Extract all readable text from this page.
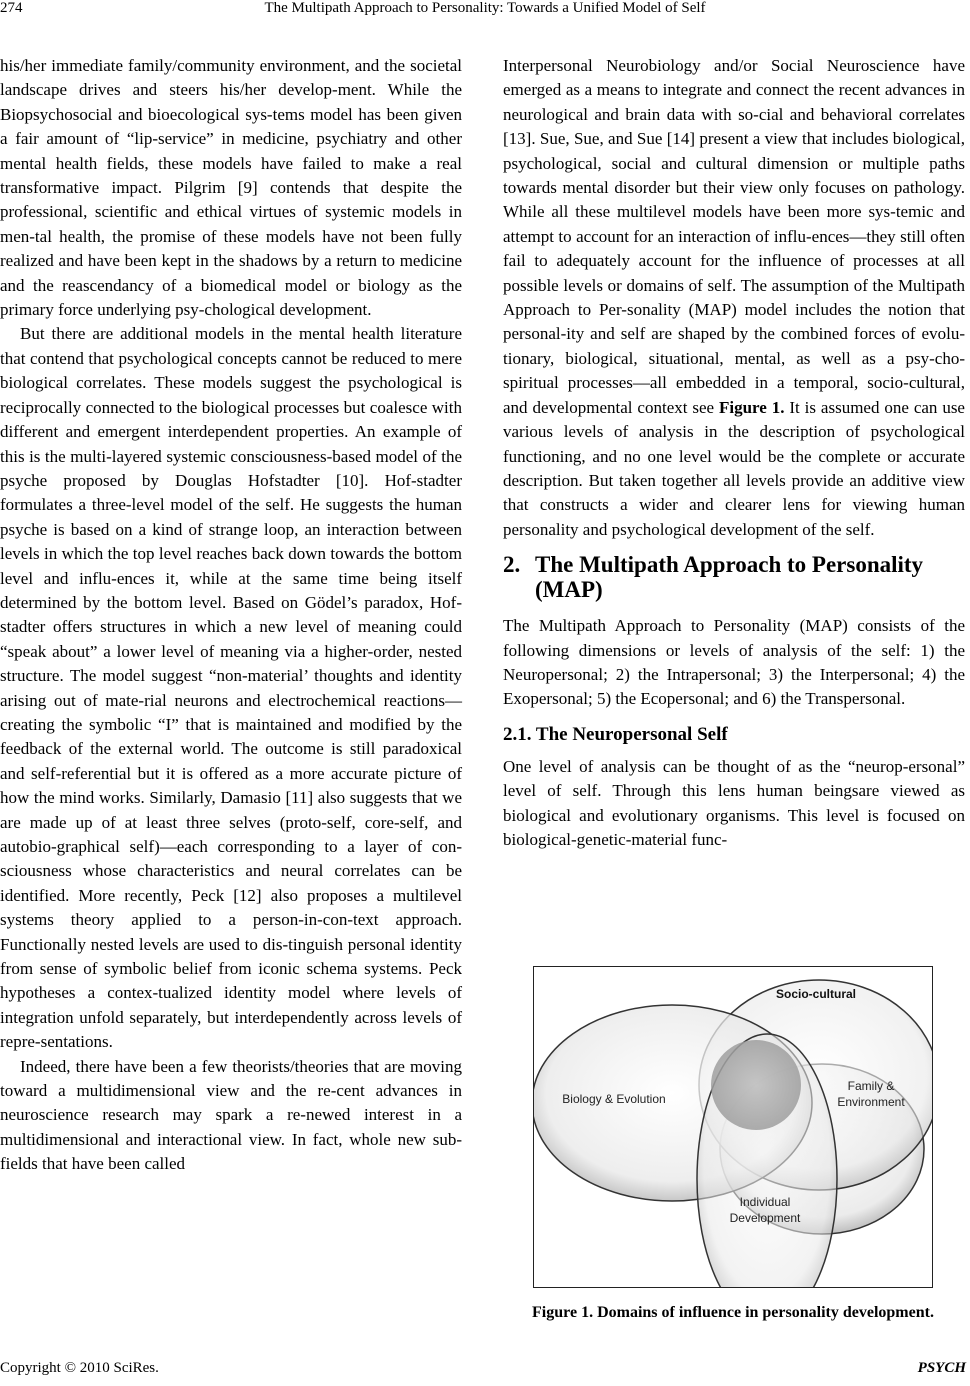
274	The Multipath Approach to Personality: Towards a Unified Model of Self

his/her immediate family/community environment, and the societal landscape drives and steers his/her develop-ment. While the Biopsychosocial and bioecological sys-tems model has been given a fair amount of “lip-service” in medicine, psychiatry and other mental health fields, these models have failed to make a real transformative impact. Pilgrim [9] contends that despite the professional, scientific and ethical virtues of systemic models in men-tal health, the promise of these models have not been fully realized and have been kept in the shadows by a return to medicine and the reascendancy of a biomedical model or biology as the primary force underlying psy-chological development.

But there are additional models in the mental health literature that contend that psychological concepts cannot be reduced to mere biological correlates. These models suggest the psychological is reciprocally connected to the biological processes but coalesce with different and emergent interdependent properties. An example of this is the multi-layered systemic consciousness-based model of the psyche proposed by Douglas Hofstadter [10]. Hof-stadter formulates a three-level model of the self. He suggests the human psyche is based on a kind of strange loop, an interaction between levels in which the top level reaches back down towards the bottom level and influ-ences it, while at the same time being itself determined by the bottom level. Based on Gödel’s paradox, Hof-stadter offers structures in which a new level of meaning could “speak about” a lower level of meaning via a higher-order, nested structure. The model suggest “non-material’ thoughts and identity arising out of mate-rial neurons and electrochemical reactions—creating the symbolic “I” that is maintained and modified by the feedback of the external world. The outcome is still paradoxical and self-referential but it is offered as a more accurate picture of how the mind works. Similarly, Damasio [11] also suggests that we are made up of at least three selves (proto-self, core-self, and autobio-graphical self)—each corresponding to a layer of con-sciousness whose characteristics and neural correlates can be identified. More recently, Peck [12] also proposes a multilevel systems theory applied to a person-in-con-text approach. Functionally nested levels are used to dis-tinguish personal identity from sense of symbolic belief from iconic schema systems. Peck hypotheses a contex-tualized identity model where levels of integration unfold separately, but interdependently across levels of repre-sentations.

Indeed, there have been a few theorists/theories that are moving toward a multidimensional view and the re-cent advances in neuroscience research may spark a re-newed interest in a multidimensional and interactional view. In fact, whole new sub-fields that have been called

Interpersonal Neurobiology and/or Social Neuroscience have emerged as a means to integrate and connect the recent advances in neurological and brain data with so-cial and behavioral correlates [13]. Sue, Sue, and Sue [14] present a view that includes biological, psychological, social and cultural dimension or multiple paths towards mental disorder but their view only focuses on pathology. While all these multilevel models have been more sys-temic and attempt to account for an interaction of influ-ences—they still often fail to adequately account for the influence of processes at all possible levels or domains of self. The assumption of the Multipath Approach to Per-sonality (MAP) model includes the notion that personal-ity and self are shaped by the combined forces of evolu-tionary, biological, situational, mental, as well as a psy-cho-spiritual processes—all embedded in a temporal, socio-cultural, and developmental context see Figure 1. It is assumed one can use various levels of analysis in the description of psychological functioning, and no one level would be the complete or accurate description. But taken together all levels provide an additive view that constructs a wider and clearer lens for viewing human personality and psychological development of the self.

2. The Multipath Approach to Personality (MAP)

The Multipath Approach to Personality (MAP) consists of the following dimensions or levels of analysis of the self: 1) the Neuropersonal; 2) the Intrapersonal; 3) the Interpersonal; 4) the Exopersonal; 5) the Ecopersonal; and 6) the Transpersonal.

2.1. The Neuropersonal Self

One level of analysis can be thought of as the “neurop-ersonal” level of self. Through this lens human beingsare viewed as biological and evolutionary organisms. This level is focused on biological-genetic-material func-

Socio-cultural
Biology & Evolution
Family &
Environment
Individual
Development
Figure 1. Domains of influence in personality development.
Copyright © 2010 SciRes.	PSYCH
